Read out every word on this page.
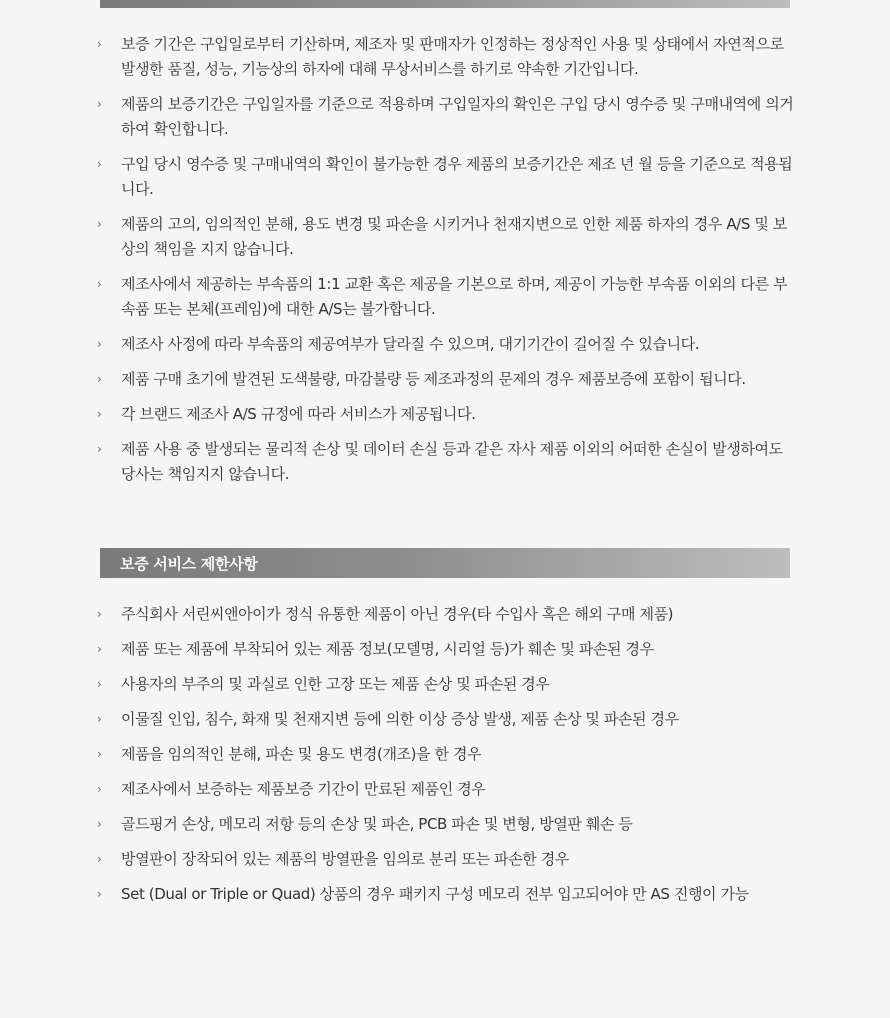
›	보증 기간은 구입일로부터 기산하며, 제조자 및 판매자가 인정하는 정상적인 사용 및 상태에서 자연적으로 발생한 품질, 성능, 기능상의 하자에 대해 무상서비스를 하기로 약속한 기간입니다.
›	제품의 보증기간은 구입일자를 기준으로 적용하며 구입일자의 확인은 구입 당시 영수증 및 구매내역에 의거하여 확인합니다.
›	구입 당시 영수증 및 구매내역의 확인이 불가능한 경우 제품의 보증기간은 제조 년 월 등을 기준으로 적용됩니다.
›	제품의 고의, 임의적인 분해, 용도 변경 및 파손을 시키거나 천재지변으로 인한 제품 하자의 경우 A/S 및 보상의 책임을 지지 않습니다.
›	제조사에서 제공하는 부속품의 1:1 교환 혹은 제공을 기본으로 하며, 제공이 가능한 부속품 이외의 다른 부속품 또는 본체(프레임)에 대한 A/S는 불가합니다.
›	제조사 사정에 따라 부속품의 제공여부가 달라질 수 있으며, 대기기간이 길어질 수 있습니다.
›	제품 구매 초기에 발견된 도색불량, 마감불량 등 제조과정의 문제의 경우 제품보증에 포함이 됩니다.
›	각 브랜드 제조사 A/S 규정에 따라 서비스가 제공됩니다.
›	제품 사용 중 발생되는 물리적 손상 및 데이터 손실 등과 같은 자사 제품 이외의 어떠한 손실이 발생하여도 당사는 책임지지 않습니다.
보증 서비스 제한사항
›	주식회사 서린씨앤아이가 정식 유통한 제품이 아닌 경우(타 수입사 혹은 해외 구매 제품)
›	제품 또는 제품에 부착되어 있는 제품 정보(모델명, 시리얼 등)가 훼손 및 파손된 경우
›	사용자의 부주의 및 과실로 인한 고장 또는 제품 손상 및 파손된 경우
›	이물질 인입, 침수, 화재 및 천재지변 등에 의한 이상 증상 발생, 제품 손상 및 파손된 경우
›	제품을 임의적인 분해, 파손 및 용도 변경(개조)을 한 경우
›	제조사에서 보증하는 제품보증 기간이 만료된 제품인 경우
›	골드핑거 손상, 메모리 저항 등의 손상 및 파손, PCB 파손 및 변형, 방열판 훼손 등
›	방열판이 장착되어 있는 제품의 방열판을 임의로 분리 또는 파손한 경우
›	Set (Dual or Triple or Quad) 상품의 경우 패키지 구성 메모리 전부 입고되어야 만 AS 진행이 가능
